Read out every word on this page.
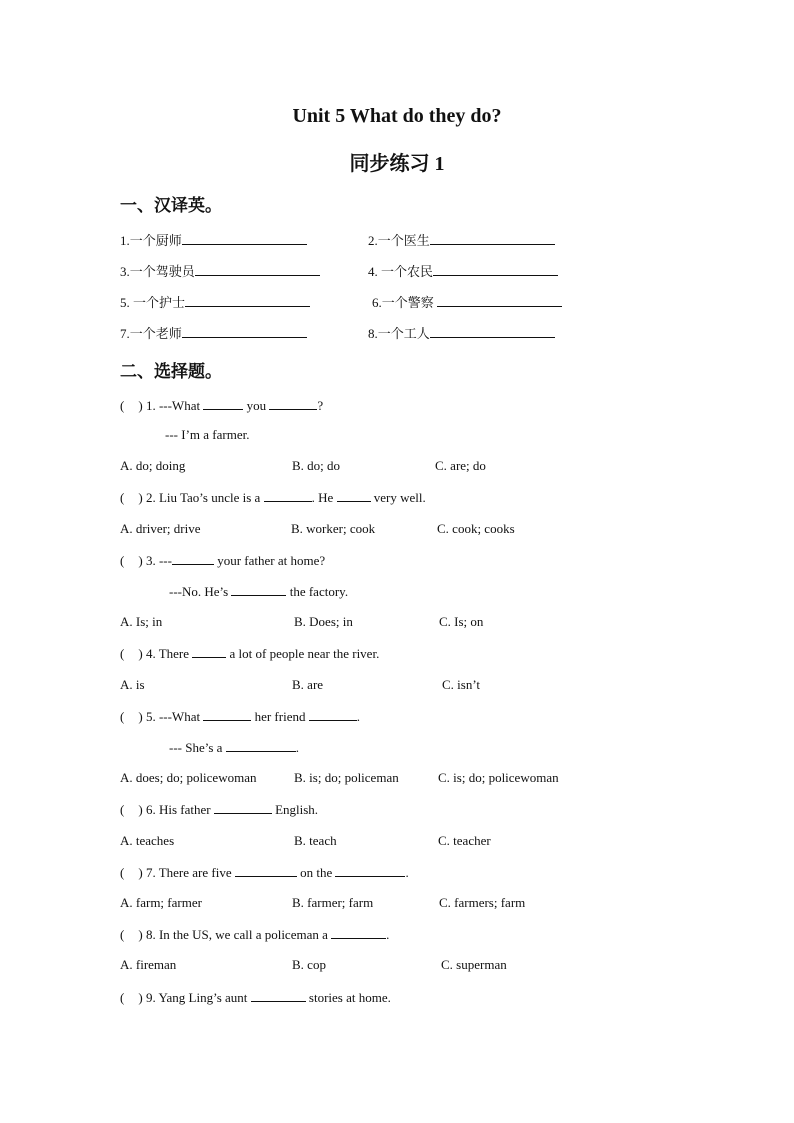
Unit 5 What do they do?
同步练习 1
一、汉译英。
1.一个厨师	2.一个医生
3.一个驾驶员	4. 一个农民
5. 一个护士	6.一个警察
7.一个老师	8.一个工人
二、选择题。
( ) 1. ---What	you	?
--- I’m a farmer.
A. do; doing	B. do; do	C. are; do
( ) 2. Liu Tao’s uncle is a	. He	very well.
A. driver; drive	B. worker; cook	C. cook; cooks
( ) 3. ---	your father at home?
---No. He’s	the factory.
A. Is; in	B. Does; in	C. Is; on
( ) 4. There	a lot of people near the river.
A. is	B. are	C. isn’t
( ) 5. ---What	her friend	.
--- She’s a	.
A. does; do; policewoman	B. is; do; policeman	C. is; do; policewoman
( ) 6. His father	English.
A. teaches	B. teach	C. teacher
( ) 7. There are five	on the	.
A. farm; farmer	B. farmer; farm	C. farmers; farm
( ) 8. In the US, we call a policeman a	.
A. fireman	B. cop	C. superman
( ) 9. Yang Ling’s aunt	stories at home.
